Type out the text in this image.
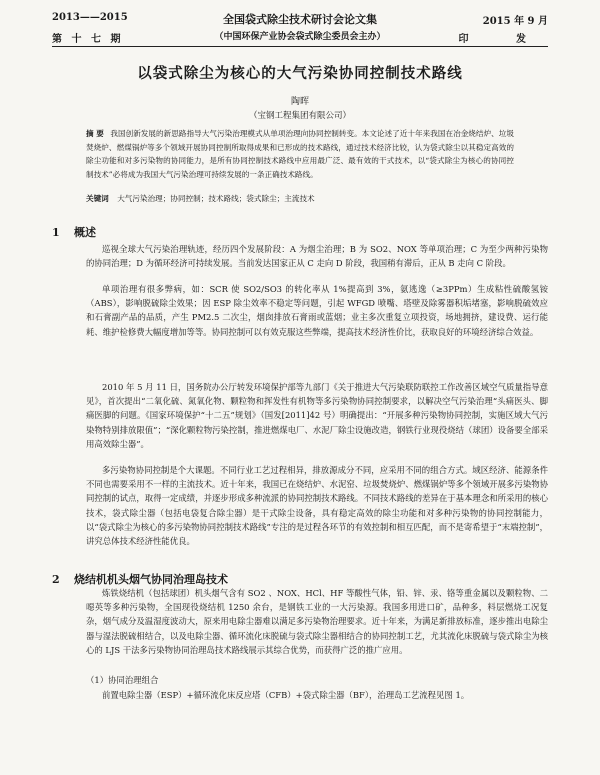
2013——2015
第 十 七 期
全国袋式除尘技术研讨会论文集
（中国环保产业协会袋式除尘委员会主办）
2015 年 9 月
印 发
以袋式除尘为核心的大气污染协同控制技术路线
陶晖
（宝钢工程集团有限公司）
摘 要 我国创新发展的新思路指导大气污染治理模式从单项治理向协同控制转变。本文论述了近十年来我国在冶金烧结炉、垃圾焚烧炉、燃煤锅炉等多个领域开展协同控制所取得成果和已形成的技术路线，通过技术经济比较，认为袋式除尘以其稳定高效的除尘功能和对多污染物的协同能力，是所有协同控制技术路线中应用最广泛、最有效的干式技术，以“袋式除尘为核心的协同控制技术”必将成为我国大气污染治理可持续发展的一条正确技术路线。
关键词 大气污染治理；协同控制；技术路线；袋式除尘；主流技术
1 概述

巡视全球大气污染治理轨迹，经历四个发展阶段：A 为烟尘治理；B 为 SO2、NOX 等单项治理；C 为至少两种污染物的协同治理；D 为循环经济可持续发展。当前发达国家正从 C 走向 D 阶段，我国稍有滞后，正从 B 走向 C 阶段。

单项治理有很多弊病，如：SCR 使 SO2/SO3 的转化率从 1%提高到 3%，氨逃逸（≥3PPm）生成粘性硫酸氢铵（ABS），影响脱硫除尘效果；因 ESP 除尘效率不稳定等问题，引起 WFGD 喷嘴、塔壁及除雾器积垢堵塞，影响脱硫效应和石膏副产品的品质，产生 PM2.5 二次尘，烟囱排放石膏雨或蓝烟；业主多次重复立项投资，场地拥挤，建设费、运行能耗、维护检修费大幅度增加等等。协同控制可以有效克服这些弊端，提高技术经济性价比，获取良好的环境经济综合效益。

2010 年 5 月 11 日，国务院办公厅转发环境保护部等九部门《关于推进大气污染联防联控工作改善区域空气质量指导意见》，首次提出“二氧化硫、氮氧化物、颗粒物和挥发性有机物等多污染物协同控制要求，以解决空气污染治理“头痛医头、脚痛医脚的问题。《国家环境保护“十二五”规划》（国发[2011]42 号）明确提出：“开展多种污染物协同控制，实施区域大气污染物特别排放限值”；“深化颗粒物污染控制，推进燃煤电厂、水泥厂除尘设施改造，钢铁行业现役烧结（球团）设备要全部采用高效除尘器”。

多污染物协同控制是个大课题。不同行业工艺过程相异，排放源成分不同，应采用不同的组合方式。域区经济、能源条件不同也需要采用不一样的主流技术。近十年来，我国已在烧结炉、水泥窑、垃圾焚烧炉、燃煤锅炉等多个领域开展多污染物协同控制的试点，取得一定成绩，并逐步形成多种流派的协同控制技术路线。不同技术路线的差异在于基本理念和所采用的核心技术，袋式除尘器（包括电袋复合除尘器）是干式除尘设备，具有稳定高效的除尘功能和对多种污染物的协同控制能力，以“袋式除尘为核心的多污染物协同控制技术路线”专注的是过程各环节的有效控制和相互匹配，而不是寄希望于“末端控制”，讲究总体技术经济性能优良。

2 烧结机机头烟气协同治理岛技术

炼铁烧结机（包括球团）机头烟气含有 SO2 、NOX、HCl、HF 等酸性气体，铅、锌、汞、铬等重金属以及颗粒物、二噁英等多种污染物，全国现役烧结机 1250 余台，是钢铁工业的一大污染源。我国多用进口矿，品种多，料层燃烧工况复杂，烟气成分及温湿度波动大，原来用电除尘器难以满足多污染物治理要求。近十年来，为满足新排放标准，逐步推出电除尘器与湿法脱硫相结合，以及电除尘器、循环流化床脱硫与袋式除尘器相结合的协同控制工艺，尤其流化床脱硫与袋式除尘为核心的 LJS 干法多污染物协同治理岛技术路线展示其综合优势，而获得广泛的推广应用。

（1）协同治理组合

前置电除尘器（ESP）+循环流化床反应塔（CFB）+袋式除尘器（BF），治理岛工艺流程见图 1。
